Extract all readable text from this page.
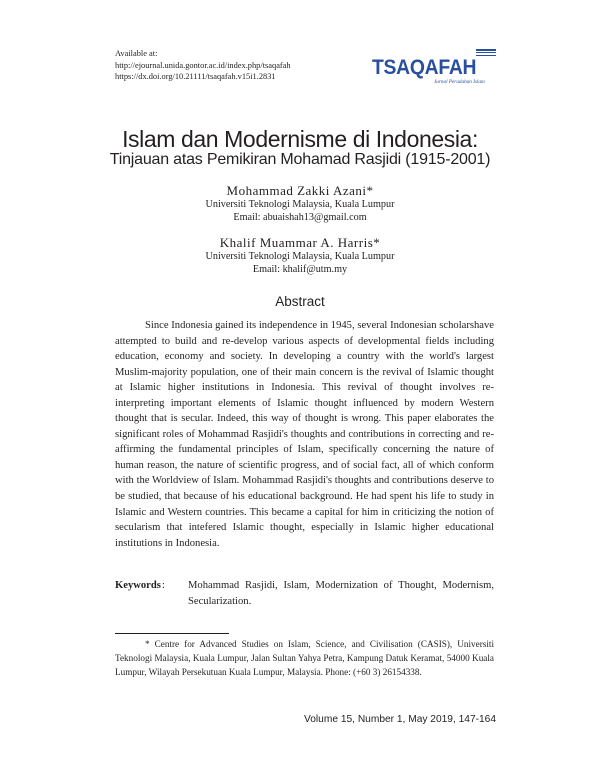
Available at:
http://ejournal.unida.gontor.ac.id/index.php/tsaqafah
https://dx.doi.org/10.21111/tsaqafah.v15i1.2831	TSAQAFAH
Jurnal Peradaban Islam
Islam dan Modernisme di Indonesia:
Tinjauan atas Pemikiran Mohamad Rasjidi (1915-2001)
Mohammad Zakki Azani*
Universiti Teknologi Malaysia, Kuala Lumpur
Email: abuaishah13@gmail.com
Khalif Muammar A. Harris*
Universiti Teknologi Malaysia, Kuala Lumpur
Email: khalif@utm.my
Abstract
Since Indonesia gained its independence in 1945, several Indonesian scholarshave attempted to build and re-develop various aspects of developmental fields including education, economy and society. In developing a country with the world's largest Muslim-majority population, one of their main concern is the revival of Islamic thought at Islamic higher institutions in Indonesia. This revival of thought involves re-interpreting important elements of Islamic thought influenced by modern Western thought that is secular. Indeed, this way of thought is wrong. This paper elaborates the significant roles of Mohammad Rasjidi's thoughts and contributions in correcting and re-affirming the fundamental principles of Islam, specifically concerning the nature of human reason, the nature of scientific progress, and of social fact, all of which conform with the Worldview of Islam. Mohammad Rasjidi's thoughts and contributions deserve to be studied, that because of his educational background. He had spent his life to study in Islamic and Western countries. This became a capital for him in criticizing the notion of secularism that intefered Islamic thought, especially in Islamic higher educational institutions in Indonesia.
Keywords : Mohammad Rasjidi, Islam, Modernization of Thought, Modernism, Secularization.
* Centre for Advanced Studies on Islam, Science, and Civilisation (CASIS), Universiti Teknologi Malaysia, Kuala Lumpur, Jalan Sultan Yahya Petra, Kampung Datuk Keramat, 54000 Kuala Lumpur, Wilayah Persekutuan Kuala Lumpur, Malaysia. Phone: (+60 3) 26154338.
Volume 15, Number 1, May 2019, 147-164
